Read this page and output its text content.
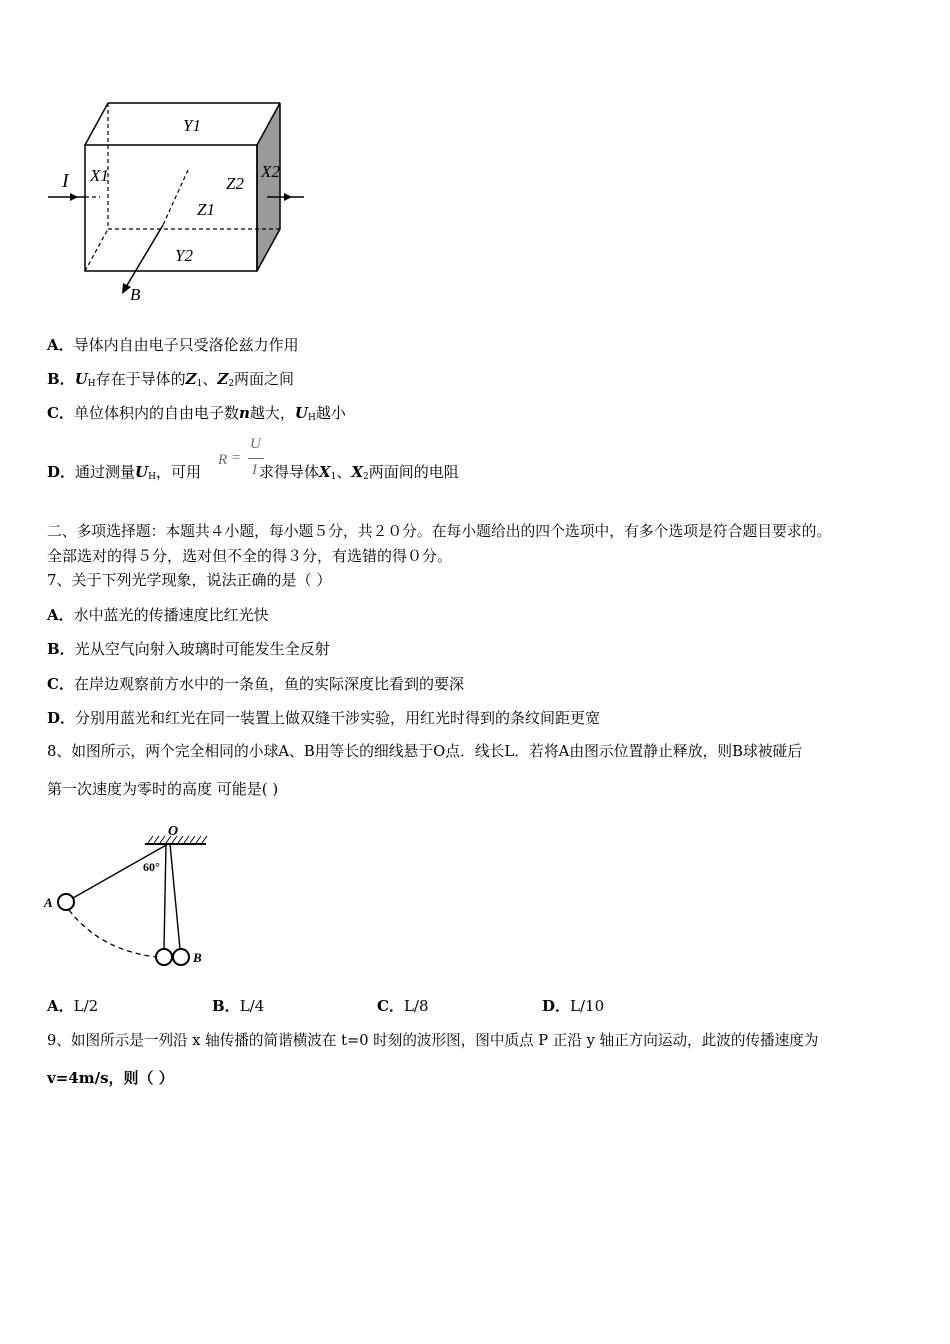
I X1	X2
Y1
Y2
Z1
Z2
B
A．导体内自由电子只受洛伦兹力作用
B．$U_H$存在于导体的$Z_1$、$Z_2$两面之间
C．单位体积内的自由电子数n越大，$U_H$越小
D．通过测量$U_H$，可用	求得导体$X_1$、$X_2$两面间的电阻
R =
U
I
二、多项选择题：本题共４小题，每小题５分，共２０分。在每小题给出的四个选项中，有多个选项是符合题目要求的。
全部选对的得５分，选对但不全的得３分，有选错的得０分。
7、关于下列光学现象，说法正确的是（ ）
A．水中蓝光的传播速度比红光快
B．光从空气向射入玻璃时可能发生全反射
C．在岸边观察前方水中的一条鱼，鱼的实际深度比看到的要深
D．分别用蓝光和红光在同一装置上做双缝干涉实验，用红光时得到的条纹间距更宽
8、如图所示，两个完全相同的小球A、B用等长的细线悬于O点．线长L．若将A由图示位置静止释放，则B球被碰后
第一次速度为零时的高度 可能是( )
O
60°
A
B
A．L/2	B．L/4	C．L/8	D．L/10
9、如图所示是一列沿 x 轴传播的简谐横波在 t=0 时刻的波形图，图中质点 P 正沿 y 轴正方向运动，此波的传播速度为
v=4m/s，则（ ）
